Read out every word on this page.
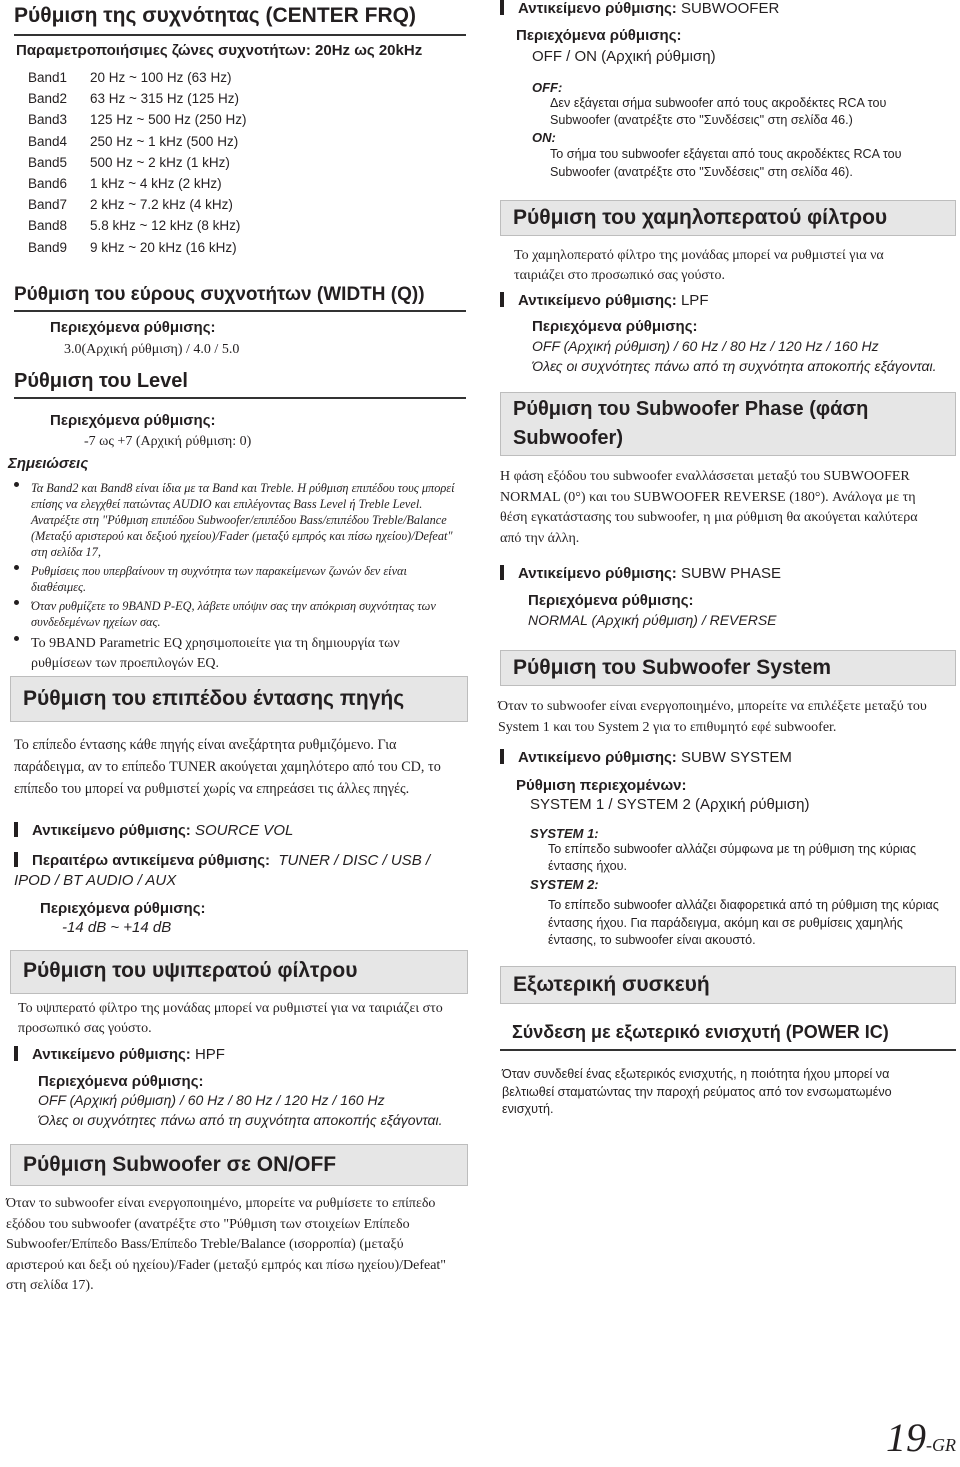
Ρύθμιση της συχνότητας (CENTER FRQ)
Παραμετροποιήσιμες ζώνες συχνοτήτων: 20Hz ως 20kHz
Band1 20 Hz ~ 100 Hz (63 Hz)
Band2 63 Hz ~ 315 Hz (125 Hz)
Band3 125 Hz ~ 500 Hz (250 Hz)
Band4 250 Hz ~ 1 kHz (500 Hz)
Band5 500 Hz ~ 2 kHz (1 kHz)
Band6 1 kHz ~ 4 kHz (2 kHz)
Band7 2 kHz ~ 7.2 kHz (4 kHz)
Band8 5.8 kHz ~ 12 kHz (8 kHz)
Band9 9 kHz ~ 20 kHz (16 kHz)
Ρύθμιση του εύρους συχνοτήτων (WIDTH (Q))
Περιεχόμενα ρύθμισης:
3.0(Αρχική ρύθμιση) / 4.0 / 5.0
Ρύθμιση του Level
Περιεχόμενα ρύθμισης:
-7 ως +7 (Αρχική ρύθμιση: 0)
Σημειώσεις
Τα Band2 και Band8 είναι ίδια με τα Band και Treble. Η ρύθμιση επιπέδου τους μπορεί επίσης να ελεγχθεί πατώντας AUDIO και επιλέγοντας Bass Level ή Treble Level. Ανατρέξτε στη "Ρύθμιση επιπέδου Subwoofer/επιπέδου Bass/επιπέδου Treble/Balance (Μεταξύ αριστερού και δεξιού ηχείου)/Fader (μεταξύ εμπρός και πίσω ηχείου)/Defeat" στη σελίδα 17,
Ρυθμίσεις που υπερβαίνουν τη συχνότητα των παρακείμενων ζωνών δεν είναι διαθέσιμες.
Όταν ρυθμίζετε το 9BAND P-EQ, λάβετε υπόψιν σας την απόκριση συχνότητας των συνδεδεμένων ηχείων σας.
Το 9BAND Parametric EQ χρησιμοποιείτε για τη δημιουργία των ρυθμίσεων των προεπιλογών EQ.
Ρύθμιση του επιπέδου έντασης πηγής
Το επίπεδο έντασης κάθε πηγής είναι ανεξάρτητα ρυθμιζόμενο. Για παράδειγμα, αν το επίπεδο TUNER ακούγεται χαμηλότερο από του CD, το επίπεδο του μπορεί να ρυθμιστεί χωρίς να επηρεάσει τις άλλες πηγές.
Αντικείμενο ρύθμισης: SOURCE VOL
Περαιτέρω αντικείμενα ρύθμισης: TUNER / DISC / USB / IPOD / BT AUDIO / AUX
Περιεχόμενα ρύθμισης:
-14 dB ~ +14 dB
Ρύθμιση του υψιπερατού φίλτρου
Το υψιπερατό φίλτρο της μονάδας μπορεί να ρυθμιστεί για να ταιριάζει στο προσωπικό σας γούστο.
Αντικείμενο ρύθμισης: HPF
Περιεχόμενα ρύθμισης:
OFF (Αρχική ρύθμιση) / 60 Hz / 80 Hz / 120 Hz / 160 Hz
Όλες οι συχνότητες πάνω από τη συχνότητα αποκοπής εξάγονται.
Ρύθμιση Subwoofer σε ON/OFF
Όταν το subwoofer είναι ενεργοποιημένο, μπορείτε να ρυθμίσετε το επίπεδο εξόδου του subwoofer (ανατρέξτε στο "Ρύθμιση των στοιχείων Επίπεδο Subwoofer/Επίπεδο Bass/Επίπεδο Treble/Balance (ισορροπία) (μεταξύ αριστερού και δεξι ού ηχείου)/Fader (μεταξύ εμπρός και πίσω ηχείου)/Defeat" στη σελίδα 17).
Αντικείμενο ρύθμισης: SUBWOOFER
Περιεχόμενα ρύθμισης:
OFF / ON (Αρχική ρύθμιση)
OFF:
Δεν εξάγεται σήμα subwoofer από τους ακροδέκτες RCA του Subwoofer (ανατρέξτε στο "Συνδέσεις" στη σελίδα 46.)
ON:
Το σήμα του subwoofer εξάγεται από τους ακροδέκτες RCA του Subwoofer (ανατρέξτε στο "Συνδέσεις" στη σελίδα 46).
Ρύθμιση του χαμηλοπερατού φίλτρου
Το χαμηλοπερατό φίλτρο της μονάδας μπορεί να ρυθμιστεί για να ταιριάζει στο προσωπικό σας γούστο.
Αντικείμενο ρύθμισης: LPF
Περιεχόμενα ρύθμισης:
OFF (Αρχική ρύθμιση) / 60 Hz / 80 Hz / 120 Hz / 160 Hz
Όλες οι συχνότητες πάνω από τη συχνότητα αποκοπής εξάγονται.
Ρύθμιση του Subwoofer Phase (φάση Subwoofer)
Η φάση εξόδου του subwoofer εναλλάσσεται μεταξύ του SUBWOOFER NORMAL (0°) και του SUBWOOFER REVERSE (180°). Ανάλογα με τη θέση εγκατάστασης του subwoofer, η μια ρύθμιση θα ακούγεται καλύτερα από την άλλη.
Αντικείμενο ρύθμισης: SUBW PHASE
Περιεχόμενα ρύθμισης:
NORMAL (Αρχική ρύθμιση) / REVERSE
Ρύθμιση του Subwoofer System
Όταν το subwoofer είναι ενεργοποιημένο, μπορείτε να επιλέξετε μεταξύ του System 1 και του System 2 για το επιθυμητό εφέ subwoofer.
Αντικείμενο ρύθμισης: SUBW SYSTEM
Ρύθμιση περιεχομένων:
SYSTEM 1 / SYSTEM 2 (Αρχική ρύθμιση)
SYSTEM 1:
Το επίπεδο subwoofer αλλάζει σύμφωνα με τη ρύθμιση της κύριας έντασης ήχου.
SYSTEM 2:
Το επίπεδο subwoofer αλλάζει διαφορετικά από τη ρύθμιση της κύριας έντασης ήχου. Για παράδειγμα, ακόμη και σε ρυθμίσεις χαμηλής έντασης, το subwoofer είναι ακουστό.
Εξωτερική συσκευή
Σύνδεση με εξωτερικό ενισχυτή (POWER IC)
Όταν συνδεθεί ένας εξωτερικός ενισχυτής, η ποιότητα ήχου μπορεί να βελτιωθεί σταματώντας την παροχή ρεύματος από τον ενσωματωμένο ενισχυτή.
19-GR
